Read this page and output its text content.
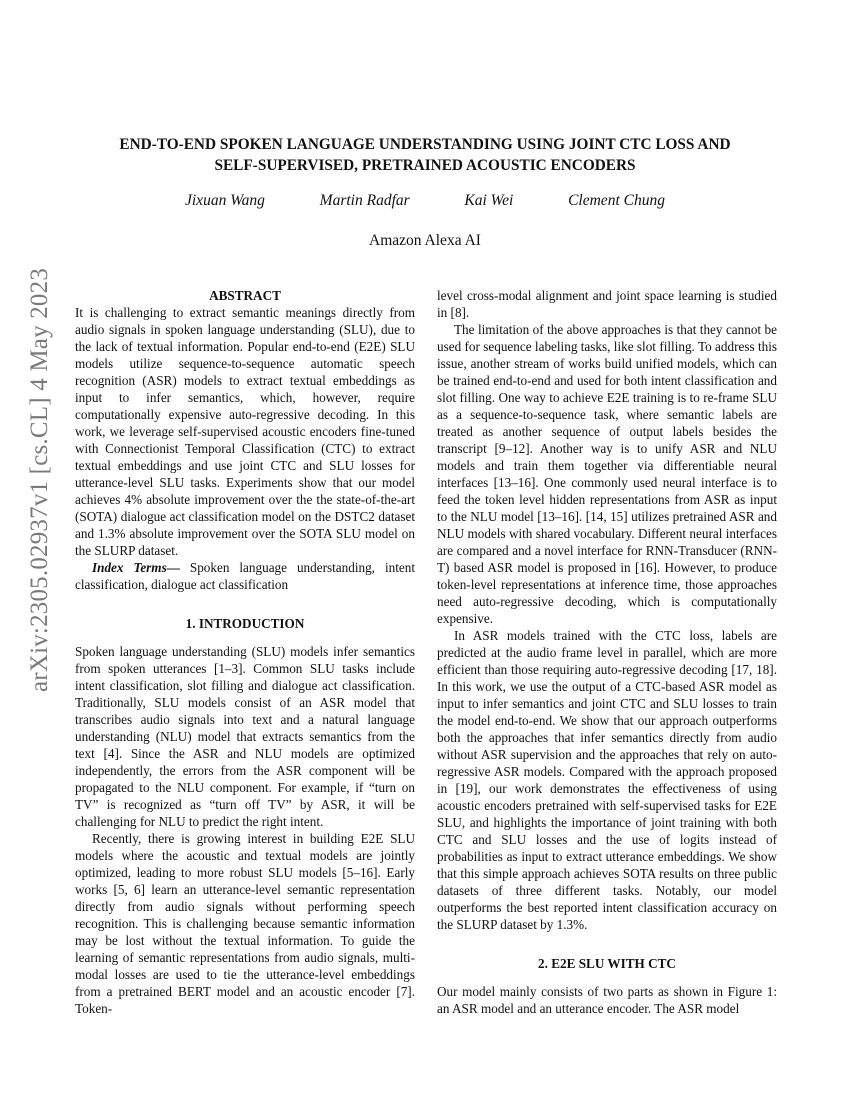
arXiv:2305.02937v1 [cs.CL] 4 May 2023
END-TO-END SPOKEN LANGUAGE UNDERSTANDING USING JOINT CTC LOSS AND
SELF-SUPERVISED, PRETRAINED ACOUSTIC ENCODERS
Jixuan Wang	Martin Radfar	Kai Wei	Clement Chung
Amazon Alexa AI

ABSTRACT

It is challenging to extract semantic meanings directly from audio signals in spoken language understanding (SLU), due to the lack of textual information. Popular end-to-end (E2E) SLU models utilize sequence-to-sequence automatic speech recognition (ASR) models to extract textual embeddings as input to infer semantics, which, however, require computationally expensive auto-regressive decoding. In this work, we leverage self-supervised acoustic encoders fine-tuned with Connectionist Temporal Classification (CTC) to extract textual embeddings and use joint CTC and SLU losses for utterance-level SLU tasks. Experiments show that our model achieves 4% absolute improvement over the the state-of-the-art (SOTA) dialogue act classification model on the DSTC2 dataset and 1.3% absolute improvement over the SOTA SLU model on the SLURP dataset.

Index Terms— Spoken language understanding, intent classification, dialogue act classification

1. INTRODUCTION

Spoken language understanding (SLU) models infer semantics from spoken utterances [1–3]. Common SLU tasks include intent classification, slot filling and dialogue act classification. Traditionally, SLU models consist of an ASR model that transcribes audio signals into text and a natural language understanding (NLU) model that extracts semantics from the text [4]. Since the ASR and NLU models are optimized independently, the errors from the ASR component will be propagated to the NLU component. For example, if “turn on TV” is recognized as “turn off TV” by ASR, it will be challenging for NLU to predict the right intent.

Recently, there is growing interest in building E2E SLU models where the acoustic and textual models are jointly optimized, leading to more robust SLU models [5–16]. Early works [5, 6] learn an utterance-level semantic representation directly from audio signals without performing speech recognition. This is challenging because semantic information may be lost without the textual information. To guide the learning of semantic representations from audio signals, multi-modal losses are used to tie the utterance-level embeddings from a pretrained BERT model and an acoustic encoder [7]. Token-

level cross-modal alignment and joint space learning is studied in [8].

The limitation of the above approaches is that they cannot be used for sequence labeling tasks, like slot filling. To address this issue, another stream of works build unified models, which can be trained end-to-end and used for both intent classification and slot filling. One way to achieve E2E training is to re-frame SLU as a sequence-to-sequence task, where semantic labels are treated as another sequence of output labels besides the transcript [9–12]. Another way is to unify ASR and NLU models and train them together via differentiable neural interfaces [13–16]. One commonly used neural interface is to feed the token level hidden representations from ASR as input to the NLU model [13–16]. [14, 15] utilizes pretrained ASR and NLU models with shared vocabulary. Different neural interfaces are compared and a novel interface for RNN-Transducer (RNN-T) based ASR model is proposed in [16]. However, to produce token-level representations at inference time, those approaches need auto-regressive decoding, which is computationally expensive.

In ASR models trained with the CTC loss, labels are predicted at the audio frame level in parallel, which are more efficient than those requiring auto-regressive decoding [17, 18]. In this work, we use the output of a CTC-based ASR model as input to infer semantics and joint CTC and SLU losses to train the model end-to-end. We show that our approach outperforms both the approaches that infer semantics directly from audio without ASR supervision and the approaches that rely on auto-regressive ASR models. Compared with the approach proposed in [19], our work demonstrates the effectiveness of using acoustic encoders pretrained with self-supervised tasks for E2E SLU, and highlights the importance of joint training with both CTC and SLU losses and the use of logits instead of probabilities as input to extract utterance embeddings. We show that this simple approach achieves SOTA results on three public datasets of three different tasks. Notably, our model outperforms the best reported intent classification accuracy on the SLURP dataset by 1.3%.

2. E2E SLU WITH CTC

Our model mainly consists of two parts as shown in Figure 1: an ASR model and an utterance encoder. The ASR model
